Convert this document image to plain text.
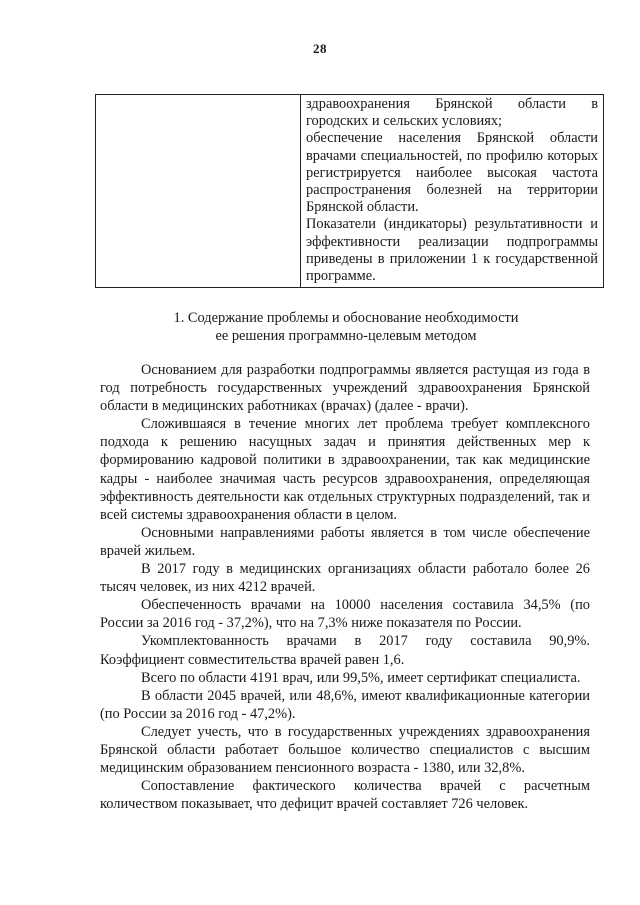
28

здравоохранения Брянской области в городских и сельских условиях;

обеспечение населения Брянской области врачами специальностей, по профилю которых регистрируется наиболее высокая частота распространения болезней на территории Брянской области.

Показатели (индикаторы) результативности и эффективности реализации подпрограммы приведены в приложении 1 к государственной программе.

1. Содержание проблемы и обоснование необходимости
ее решения программно-целевым методом

Основанием для разработки подпрограммы является растущая из года в год потребность государственных учреждений здравоохранения Брянской области в медицинских работниках (врачах) (далее - врачи).

Сложившаяся в течение многих лет проблема требует комплексного подхода к решению насущных задач и принятия действенных мер к формированию кадровой политики в здравоохранении, так как медицинские кадры - наиболее значимая часть ресурсов здравоохранения, определяющая эффективность деятельности как отдельных структурных подразделений, так и всей системы здравоохранения области в целом.

Основными направлениями работы является в том числе обеспечение врачей жильем.

В 2017 году в медицинских организациях области работало более 26 тысяч человек, из них 4212 врачей.

Обеспеченность врачами на 10000 населения составила 34,5% (по России за 2016 год - 37,2%), что на 7,3% ниже показателя по России.

Укомплектованность врачами в 2017 году составила 90,9%. Коэффициент совместительства врачей равен 1,6.

Всего по области 4191 врач, или 99,5%, имеет сертификат специалиста.

В области 2045 врачей, или 48,6%, имеют квалификационные категории (по России за 2016 год - 47,2%).

Следует учесть, что в государственных учреждениях здравоохранения Брянской области работает большое количество специалистов с высшим медицинским образованием пенсионного возраста - 1380, или 32,8%.

Сопоставление фактического количества врачей с расчетным количеством показывает, что дефицит врачей составляет 726 человек.
